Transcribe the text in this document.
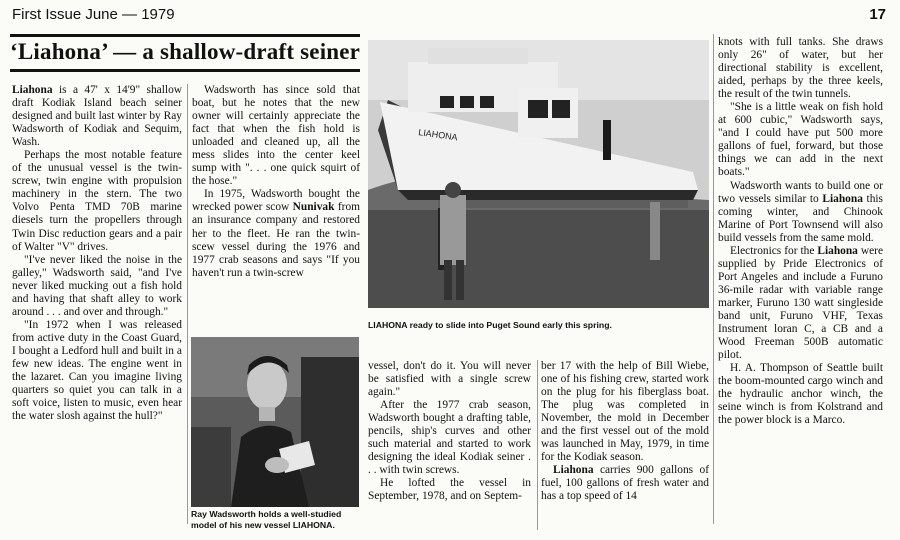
First Issue June — 1979	17
‘Liahona’ — a shallow-draft seiner

Liahona is a 47' x 14'9" shallow draft Kodiak Island beach seiner designed and built last winter by Ray Wadsworth of Kodiak and Sequim, Wash.

Perhaps the most notable feature of the unusual vessel is the twin-screw, twin engine with propulsion machinery in the stern. The two Volvo Penta TMD 70B marine diesels turn the propellers through Twin Disc reduction gears and a pair of Walter "V" drives.

"I've never liked the noise in the galley," Wadsworth said, "and I've never liked mucking out a fish hold and having that shaft alley to work around . . . and over and through."

"In 1972 when I was released from active duty in the Coast Guard, I bought a Ledford hull and built in a few new ideas. The engine went in the lazaret. Can you imagine living quarters so quiet you can talk in a soft voice, listen to music, even hear the water slosh against the hull?"

Wadsworth has since sold that boat, but he notes that the new owner will certainly appreciate the fact that when the fish hold is unloaded and cleaned up, all the mess slides into the center keel sump with ". . . one quick squirt of the hose."

In 1975, Wadsworth bought the wrecked power scow Nunivak from an insurance company and restored her to the fleet. He ran the twin-scew vessel during the 1976 and 1977 crab seasons and says "If you haven't run a twin-screw

Ray Wadsworth holds a well-studied model of his new vessel LIAHONA.
LIAHONA
LIAHONA ready to slide into Puget Sound early this spring.

vessel, don't do it. You will never be satisfied with a single screw again."

After the 1977 crab season, Wadsworth bought a drafting table, pencils, ship's curves and other such material and started to work designing the ideal Kodiak seiner . . . with twin screws.

He lofted the vessel in September, 1978, and on Septem-

ber 17 with the help of Bill Wiebe, one of his fishing crew, started work on the plug for his fiberglass boat. The plug was completed in November, the mold in December and the first vessel out of the mold was launched in May, 1979, in time for the Kodiak season.

Liahona carries 900 gallons of fuel, 100 gallons of fresh water and has a top speed of 14

knots with full tanks. She draws only 26" of water, but her directional stability is excellent, aided, perhaps by the three keels, the result of the twin tunnels.

"She is a little weak on fish hold at 600 cubic," Wadsworth says, "and I could have put 500 more gallons of fuel, forward, but those things we can add in the next boats."

Wadsworth wants to build one or two vessels similar to Liahona this coming winter, and Chinook Marine of Port Townsend will also build vessels from the same mold.

Electronics for the Liahona were supplied by Pride Electronics of Port Angeles and include a Furuno 36-mile radar with variable range marker, Furuno 130 watt singleside band unit, Furuno VHF, Texas Instrument loran C, a CB and a Wood Freeman 500B automatic pilot.

H. A. Thompson of Seattle built the boom-mounted cargo winch and the hydraulic anchor winch, the seine winch is from Kolstrand and the power block is a Marco.
